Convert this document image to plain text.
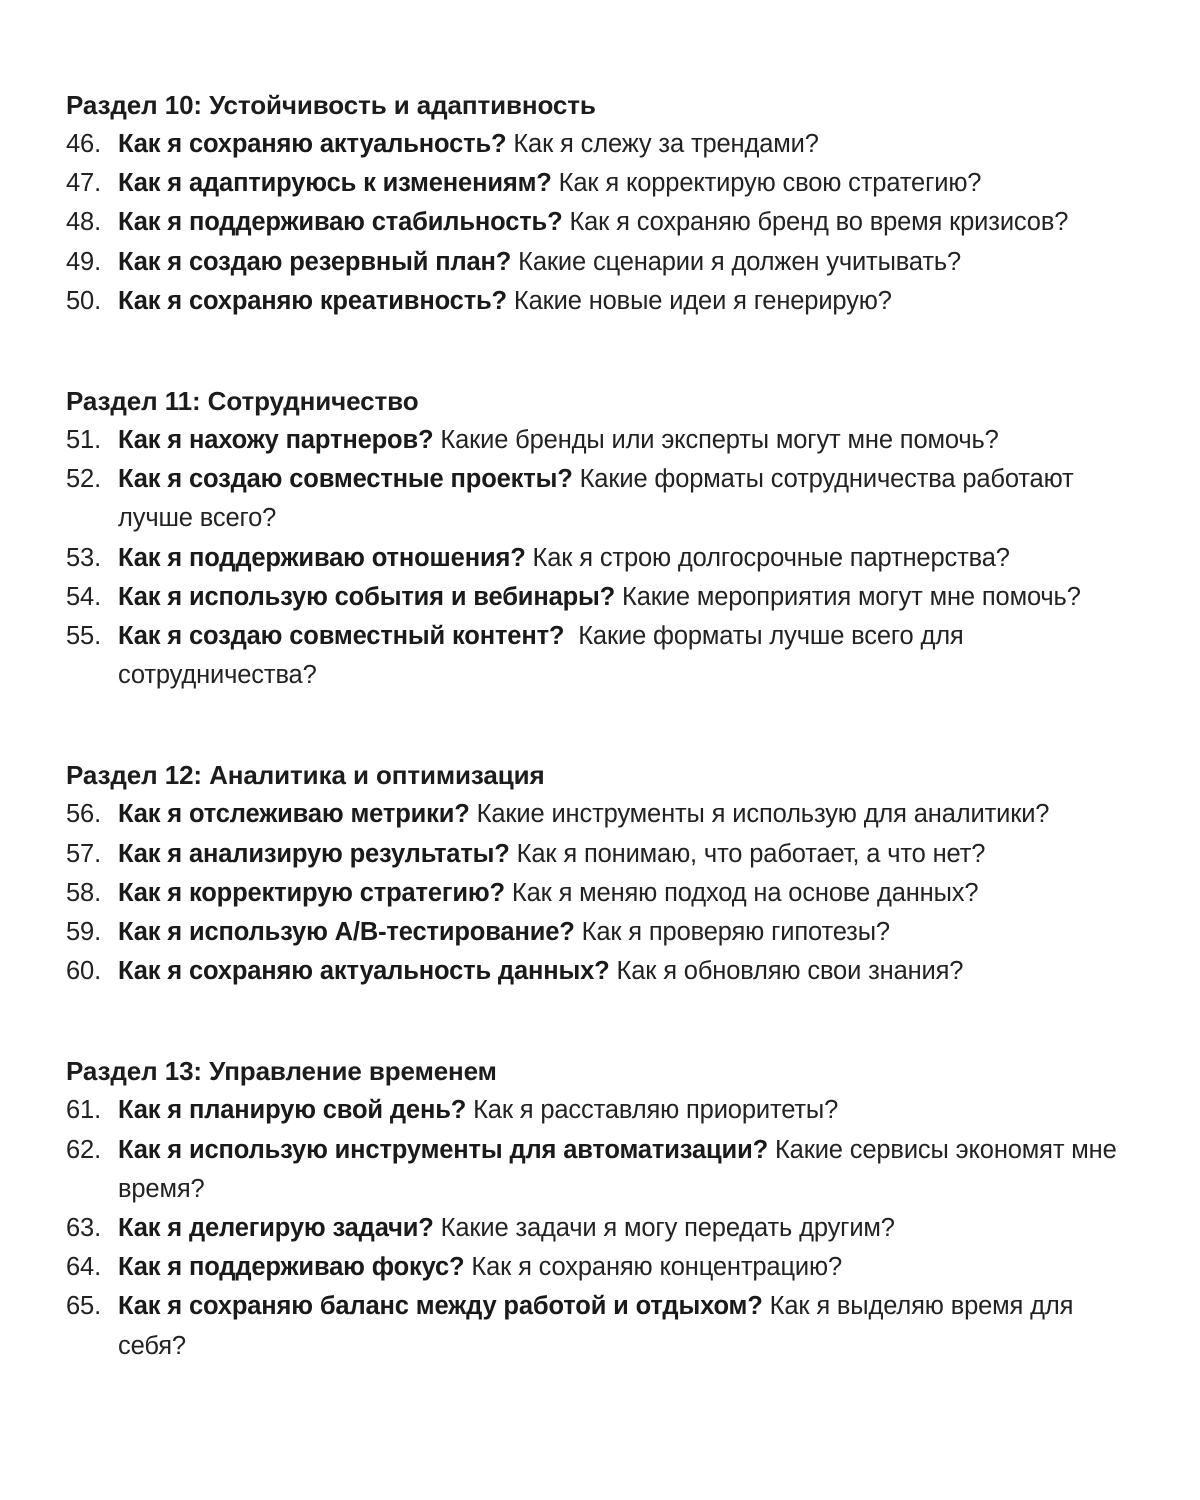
Раздел 10: Устойчивость и адаптивность
46. Как я сохраняю актуальность? Как я слежу за трендами?
47. Как я адаптируюсь к изменениям? Как я корректирую свою стратегию?
48. Как я поддерживаю стабильность? Как я сохраняю бренд во время кризисов?
49. Как я создаю резервный план? Какие сценарии я должен учитывать?
50. Как я сохраняю креативность? Какие новые идеи я генерирую?
Раздел 11: Сотрудничество
51. Как я нахожу партнеров? Какие бренды или эксперты могут мне помочь?
52. Как я создаю совместные проекты? Какие форматы сотрудничества работают лучше всего?
53. Как я поддерживаю отношения? Как я строю долгосрочные партнерства?
54. Как я использую события и вебинары? Какие мероприятия могут мне помочь?
55. Как я создаю совместный контент?  Какие форматы лучше всего для сотрудничества?
Раздел 12: Аналитика и оптимизация
56. Как я отслеживаю метрики? Какие инструменты я использую для аналитики?
57. Как я анализирую результаты? Как я понимаю, что работает, а что нет?
58. Как я корректирую стратегию? Как я меняю подход на основе данных?
59. Как я использую A/B-тестирование? Как я проверяю гипотезы?
60. Как я сохраняю актуальность данных? Как я обновляю свои знания?
Раздел 13: Управление временем
61. Как я планирую свой день? Как я расставляю приоритеты?
62. Как я использую инструменты для автоматизации? Какие сервисы экономят мне время?
63. Как я делегирую задачи? Какие задачи я могу передать другим?
64. Как я поддерживаю фокус? Как я сохраняю концентрацию?
65. Как я сохраняю баланс между работой и отдыхом? Как я выделяю время для себя?
